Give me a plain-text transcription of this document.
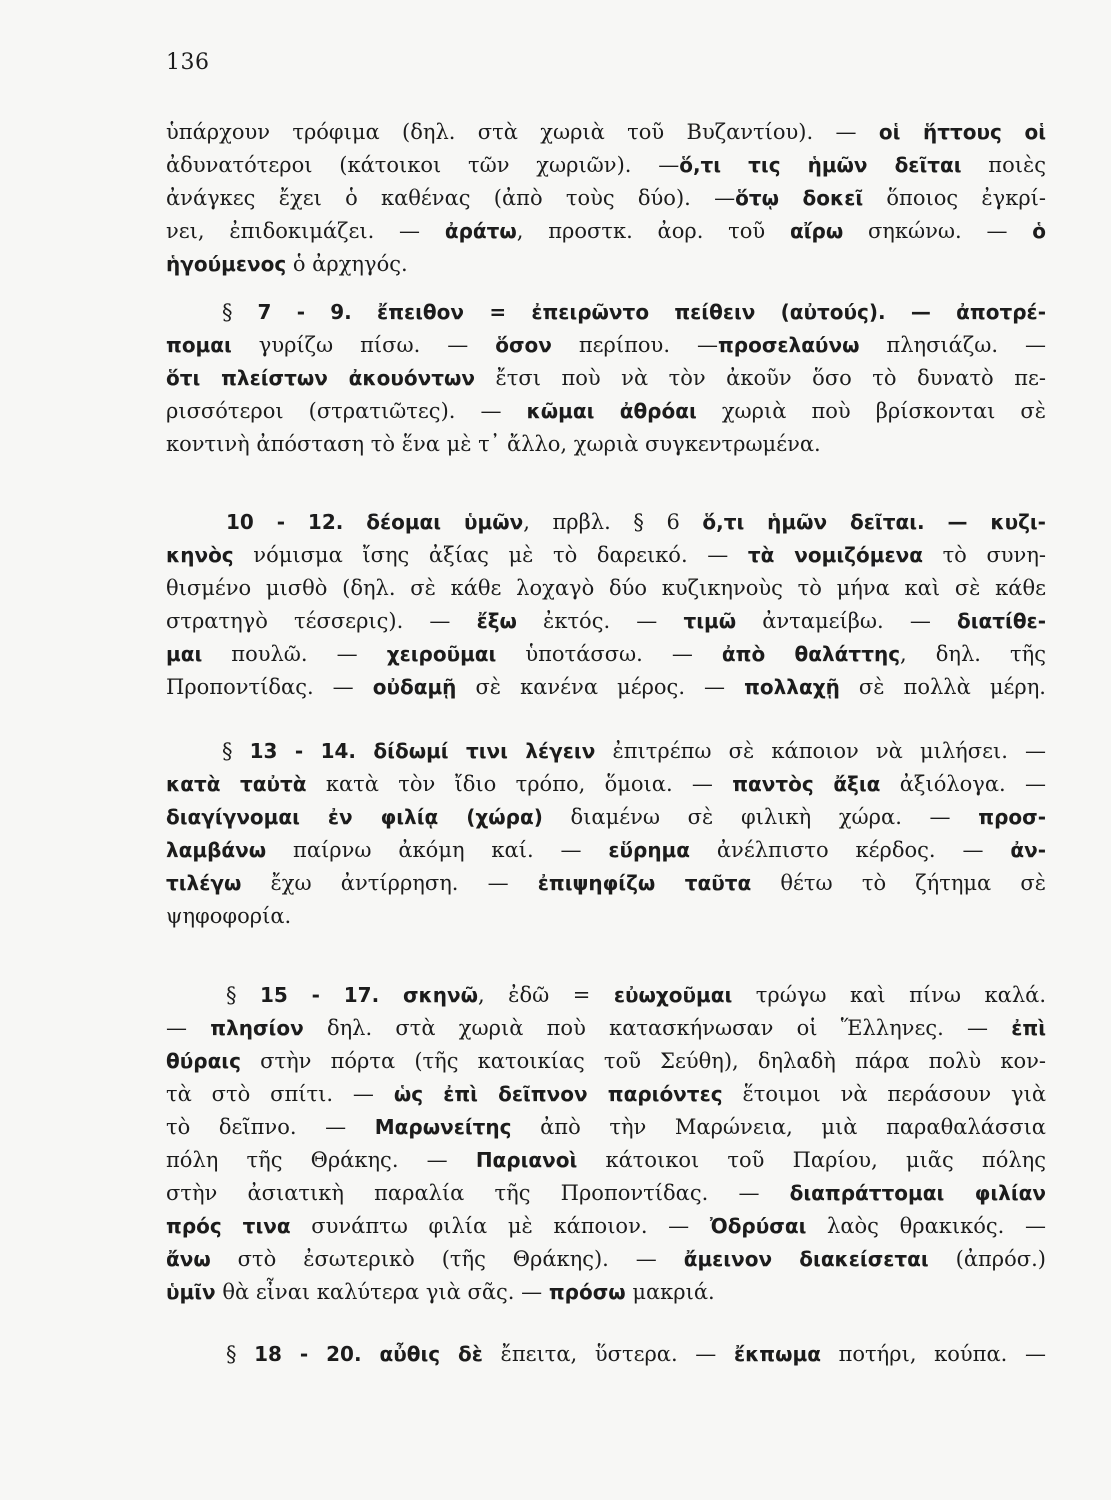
136
ὑπάρχουν τρόφιμα (δηλ. στὰ χωριὰ τοῦ Βυζαντίου). — οἱ ἥττους οἱ
ἀδυνατότεροι (κάτοικοι τῶν χωριῶν). —ὅ,τι τις ἡμῶν δεῖται ποιὲς
ἀνάγκες ἔχει ὁ καθένας (ἀπὸ τοὺς δύο). —ὅτῳ δοκεῖ ὅποιος ἐγκρί-
νει, ἐπιδοκιμάζει. — ἀράτω, προστκ. ἀορ. τοῦ αἴρω σηκώνω. — ὁ
ἡγούμενος ὁ ἀρχηγός.
§ 7 - 9. ἔπειθον = ἐπειρῶντο πείθειν (αὐτούς). — ἀποτρέ-
πομαι γυρίζω πίσω. — ὅσον περίπου. —προσελαύνω πλησιάζω. —
ὅτι πλείστων ἀκουόντων ἔτσι ποὺ νὰ τὸν ἀκοῦν ὅσο τὸ δυνατὸ πε-
ρισσότεροι (στρατιῶτες). — κῶμαι ἀθρόαι χωριὰ ποὺ βρίσκονται σὲ
κοντινὴ ἀπόσταση τὸ ἕνα μὲ τ᾿ ἄλλο, χωριὰ συγκεντρωμένα.
10 - 12. δέομαι ὑμῶν, πρβλ. § 6 ὅ,τι ἡμῶν δεῖται. — κυζι-
κηνὸς νόμισμα ἴσης ἀξίας μὲ τὸ δαρεικό. — τὰ νομιζόμενα τὸ συνη-
θισμένο μισθὸ (δηλ. σὲ κάθε λοχαγὸ δύο κυζικηνοὺς τὸ μήνα καὶ σὲ κάθε
στρατηγὸ τέσσερις). — ἔξω ἐκτός. — τιμῶ ἀνταμείβω. — διατίθε-
μαι πουλῶ. — χειροῦμαι ὑποτάσσω. — ἀπὸ θαλάττης, δηλ. τῆς
Προποντίδας. — οὐδαμῇ σὲ κανένα μέρος. — πολλαχῇ σὲ πολλὰ μέρη.
§ 13 - 14. δίδωμί τινι λέγειν ἐπιτρέπω σὲ κάποιον νὰ μιλήσει. —
κατὰ ταὐτὰ κατὰ τὸν ἴδιο τρόπο, ὅμοια. — παντὸς ἄξια ἀξιόλογα. —
διαγίγνομαι ἐν φιλίᾳ (χώρα) διαμένω σὲ φιλικὴ χώρα. — προσ-
λαμβάνω παίρνω ἀκόμη καί. — εὕρημα ἀνέλπιστο κέρδος. — ἀν-
τιλέγω ἔχω ἀντίρρηση. — ἐπιψηφίζω ταῦτα θέτω τὸ ζήτημα σὲ
ψηφοφορία.
§ 15 - 17. σκηνῶ, ἐδῶ = εὐωχοῦμαι τρώγω καὶ πίνω καλά.
— πλησίον δηλ. στὰ χωριὰ ποὺ κατασκήνωσαν οἱ Ἕλληνες. — ἐπὶ
θύραις στὴν πόρτα (τῆς κατοικίας τοῦ Σεύθη), δηλαδὴ πάρα πολὺ κον-
τὰ στὸ σπίτι. — ὡς ἐπὶ δεῖπνον παριόντες ἕτοιμοι νὰ περάσουν γιὰ
τὸ δεῖπνο. — Μαρωνείτης ἀπὸ τὴν Μαρώνεια, μιὰ παραθαλάσσια
πόλη τῆς Θράκης. — Παριανοὶ κάτοικοι τοῦ Παρίου, μιᾶς πόλης
στὴν ἀσιατικὴ παραλία τῆς Προποντίδας. — διαπράττομαι φιλίαν
πρός τινα συνάπτω φιλία μὲ κάποιον. — Ὀδρύσαι λαὸς θρακικός. —
ἄνω στὸ ἐσωτερικὸ (τῆς Θράκης). — ἄμεινον διακείσεται (ἀπρόσ.)
ὑμῖν θὰ εἶναι καλύτερα γιὰ σᾶς. — πρόσω μακριά.
§ 18 - 20. αὖθις δὲ ἔπειτα, ὕστερα. — ἔκπωμα ποτήρι, κούπα. —
